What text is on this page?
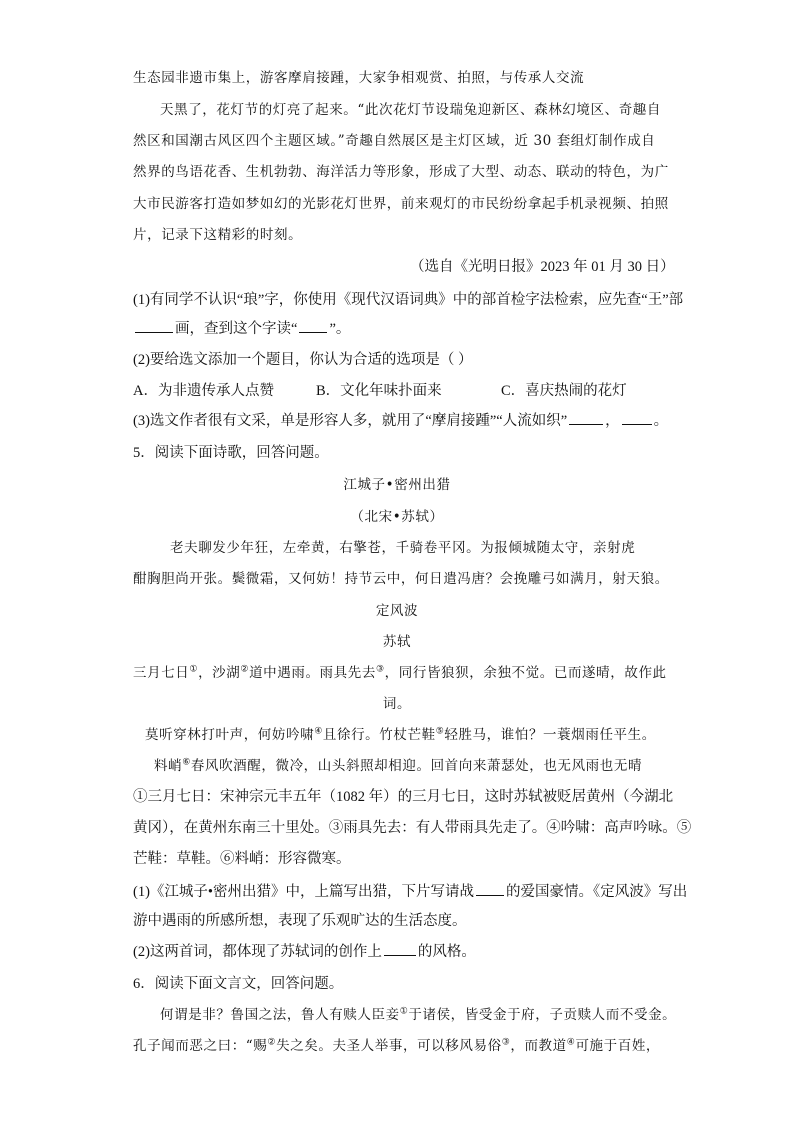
生态园非遗市集上，游客摩肩接踵，大家争相观赏、拍照，与传承人交流
天黑了，花灯节的灯亮了起来。“此次花灯节设瑞兔迎新区、森林幻境区、奇趣自
然区和国潮古风区四个主题区域。”奇趣自然展区是主灯区域，近 30 套组灯制作成自
然界的鸟语花香、生机勃勃、海洋活力等形象，形成了大型、动态、联动的特色，为广
大市民游客打造如梦如幻的光影花灯世界，前来观灯的市民纷纷拿起手机录视频、拍照
片，记录下这精彩的时刻。
（选自《光明日报》2023 年 01 月 30 日）
(1)有同学不认识“琅”字，你使用《现代汉语词典》中的部首检字法检索，应先查“王”部
画，查到这个字读“ ”。
(2)要给选文添加一个题目，你认为合适的选项是（ ）
A．为非遗传承人点赞	B．文化年味扑面来	C．喜庆热闹的花灯
(3)选文作者很有文采，单是形容人多，就用了“摩肩接踵”“人流如织”	， 。
5．阅读下面诗歌，回答问题。
江城子•密州出猎
（北宋•苏轼）
老夫聊发少年狂，左牵黄，右擎苍，千骑卷平冈。为报倾城随太守，亲射虎
酣胸胆尚开张。鬓微霜，又何妨！持节云中，何日遣冯唐？会挽雕弓如满月，射天狼。
定风波
苏轼
三月七日①，沙湖②道中遇雨。雨具先去③，同行皆狼狈，余独不觉。已而遂晴，故作此
词。
莫听穿林打叶声，何妨吟啸④且徐行。竹杖芒鞋⑤轻胜马，谁怕？一蓑烟雨任平生。
料峭⑥春风吹酒醒，微冷，山头斜照却相迎。回首向来萧瑟处，也无风雨也无晴
①三月七日：宋神宗元丰五年（1082 年）的三月七日，这时苏轼被贬居黄州（今湖北
黄冈），在黄州东南三十里处。③雨具先去：有人带雨具先走了。④吟啸：高声吟咏。⑤
芒鞋：草鞋。⑥料峭：形容微寒。
(1)《江城子•密州出猎》中，上篇写出猎，下片写请战 的爱国豪情。《定风波》写出
游中遇雨的所感所想，表现了乐观旷达的生活态度。
(2)这两首词，都体现了苏轼词的创作上 的风格。
6．阅读下面文言文，回答问题。
何谓是非？鲁国之法，鲁人有赎人臣妾①于诸侯，皆受金于府，子贡赎人而不受金。
孔子闻而恶之曰：“赐②失之矣。夫圣人举事，可以移风易俗③，而教道④可施于百姓，
